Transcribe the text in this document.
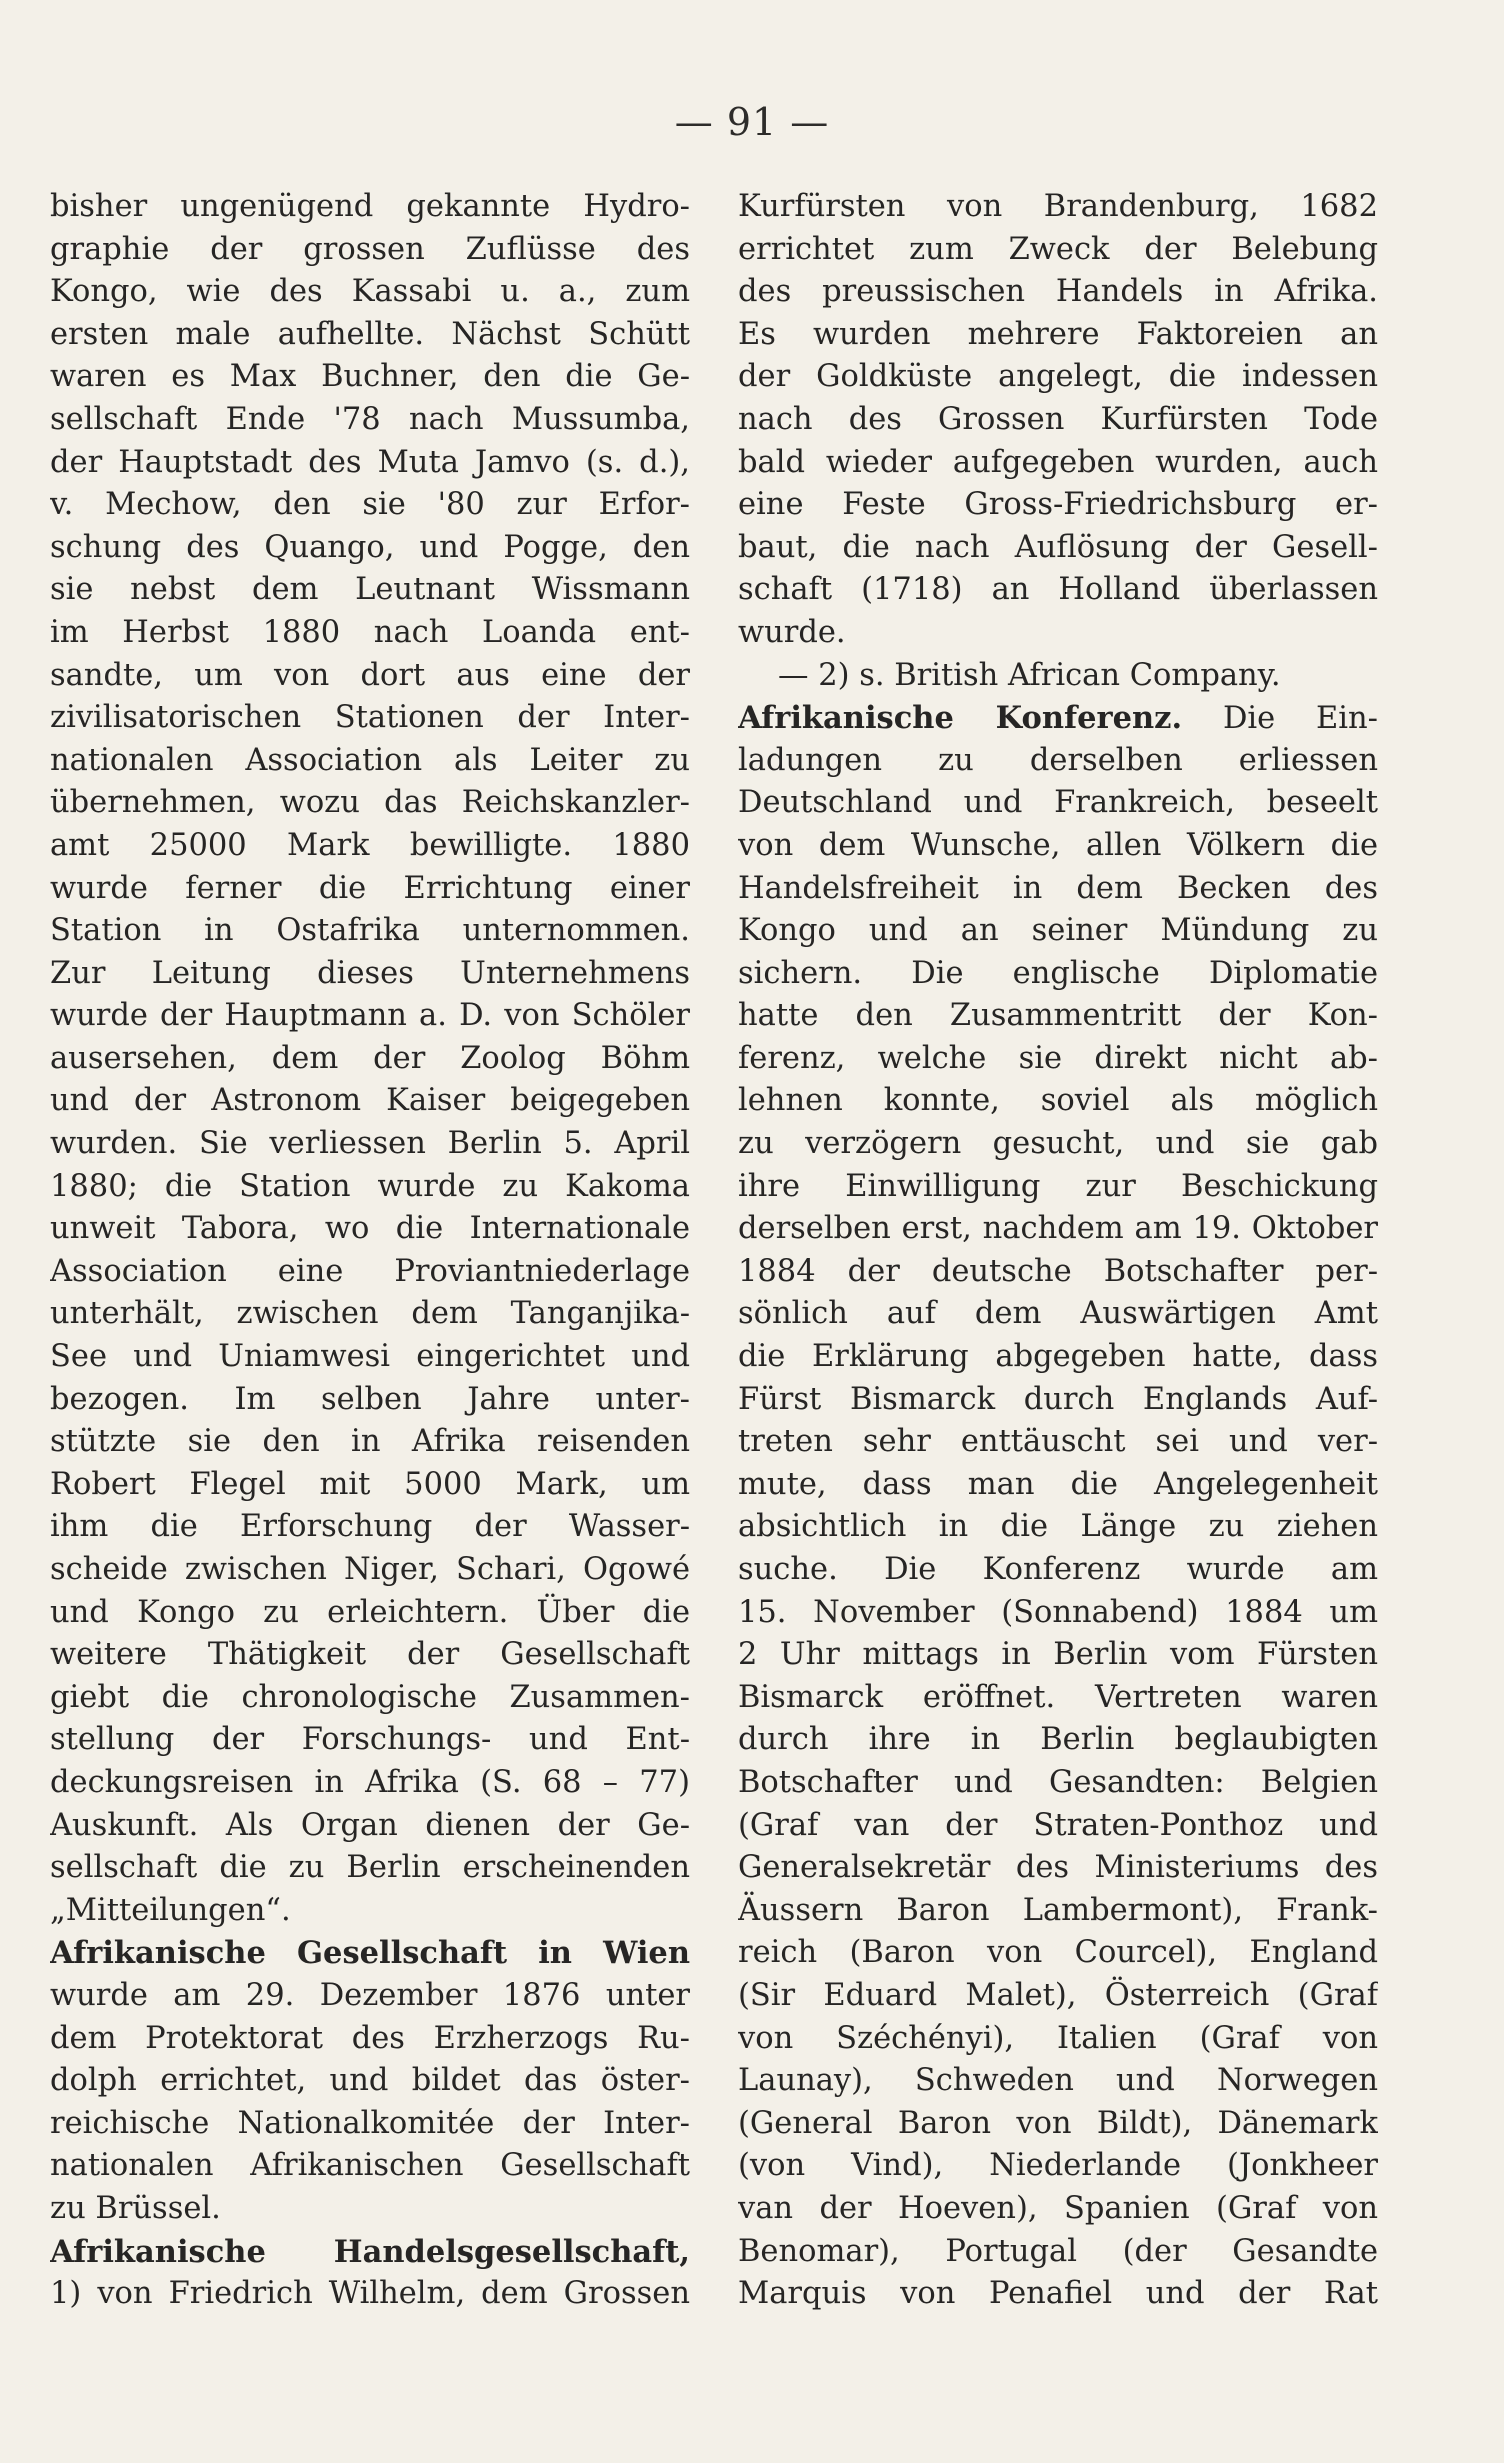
— 91 —
bisher ungenügend gekannte Hydro-
graphie der grossen Zuflüsse des
Kongo, wie des Kassabi u. a., zum
ersten male aufhellte. Nächst Schütt
waren es Max Buchner, den die Ge-
sellschaft Ende '78 nach Mussumba,
der Hauptstadt des Muta Jamvo (s. d.),
v. Mechow, den sie '80 zur Erfor-
schung des Quango, und Pogge, den
sie nebst dem Leutnant Wissmann
im Herbst 1880 nach Loanda ent-
sandte, um von dort aus eine der
zivilisatorischen Stationen der Inter-
nationalen Association als Leiter zu
übernehmen, wozu das Reichskanzler-
amt 25000 Mark bewilligte. 1880
wurde ferner die Errichtung einer
Station in Ostafrika unternommen.
Zur Leitung dieses Unternehmens
wurde der Hauptmann a. D. von Schöler
ausersehen, dem der Zoolog Böhm
und der Astronom Kaiser beigegeben
wurden. Sie verliessen Berlin 5. April
1880; die Station wurde zu Kakoma
unweit Tabora, wo die Internationale
Association eine Proviantniederlage
unterhält, zwischen dem Tanganjika-
See und Uniamwesi eingerichtet und
bezogen. Im selben Jahre unter-
stützte sie den in Afrika reisenden
Robert Flegel mit 5000 Mark, um
ihm die Erforschung der Wasser-
scheide zwischen Niger, Schari, Ogowé
und Kongo zu erleichtern. Über die
weitere Thätigkeit der Gesellschaft
giebt die chronologische Zusammen-
stellung der Forschungs- und Ent-
deckungsreisen in Afrika (S. 68 – 77)
Auskunft. Als Organ dienen der Ge-
sellschaft die zu Berlin erscheinenden
„Mitteilungen“.
Afrikanische Gesellschaft in Wien
wurde am 29. Dezember 1876 unter
dem Protektorat des Erzherzogs Ru-
dolph errichtet, und bildet das öster-
reichische Nationalkomitée der Inter-
nationalen Afrikanischen Gesellschaft
zu Brüssel.
Afrikanische Handelsgesellschaft,
1) von Friedrich Wilhelm, dem Grossen
Kurfürsten von Brandenburg, 1682
errichtet zum Zweck der Belebung
des preussischen Handels in Afrika.
Es wurden mehrere Faktoreien an
der Goldküste angelegt, die indessen
nach des Grossen Kurfürsten Tode
bald wieder aufgegeben wurden, auch
eine Feste Gross-Friedrichsburg er-
baut, die nach Auflösung der Gesell-
schaft (1718) an Holland überlassen
wurde.
— 2) s. British African Company.
Afrikanische Konferenz. Die Ein-
ladungen zu derselben erliessen
Deutschland und Frankreich, beseelt
von dem Wunsche, allen Völkern die
Handelsfreiheit in dem Becken des
Kongo und an seiner Mündung zu
sichern. Die englische Diplomatie
hatte den Zusammentritt der Kon-
ferenz, welche sie direkt nicht ab-
lehnen konnte, soviel als möglich
zu verzögern gesucht, und sie gab
ihre Einwilligung zur Beschickung
derselben erst, nachdem am 19. Oktober
1884 der deutsche Botschafter per-
sönlich auf dem Auswärtigen Amt
die Erklärung abgegeben hatte, dass
Fürst Bismarck durch Englands Auf-
treten sehr enttäuscht sei und ver-
mute, dass man die Angelegenheit
absichtlich in die Länge zu ziehen
suche. Die Konferenz wurde am
15. November (Sonnabend) 1884 um
2 Uhr mittags in Berlin vom Fürsten
Bismarck eröffnet. Vertreten waren
durch ihre in Berlin beglaubigten
Botschafter und Gesandten: Belgien
(Graf van der Straten-Ponthoz und
Generalsekretär des Ministeriums des
Äussern Baron Lambermont), Frank-
reich (Baron von Courcel), England
(Sir Eduard Malet), Österreich (Graf
von Széchényi), Italien (Graf von
Launay), Schweden und Norwegen
(General Baron von Bildt), Dänemark
(von Vind), Niederlande (Jonkheer
van der Hoeven), Spanien (Graf von
Benomar), Portugal (der Gesandte
Marquis von Penafiel und der Rat
